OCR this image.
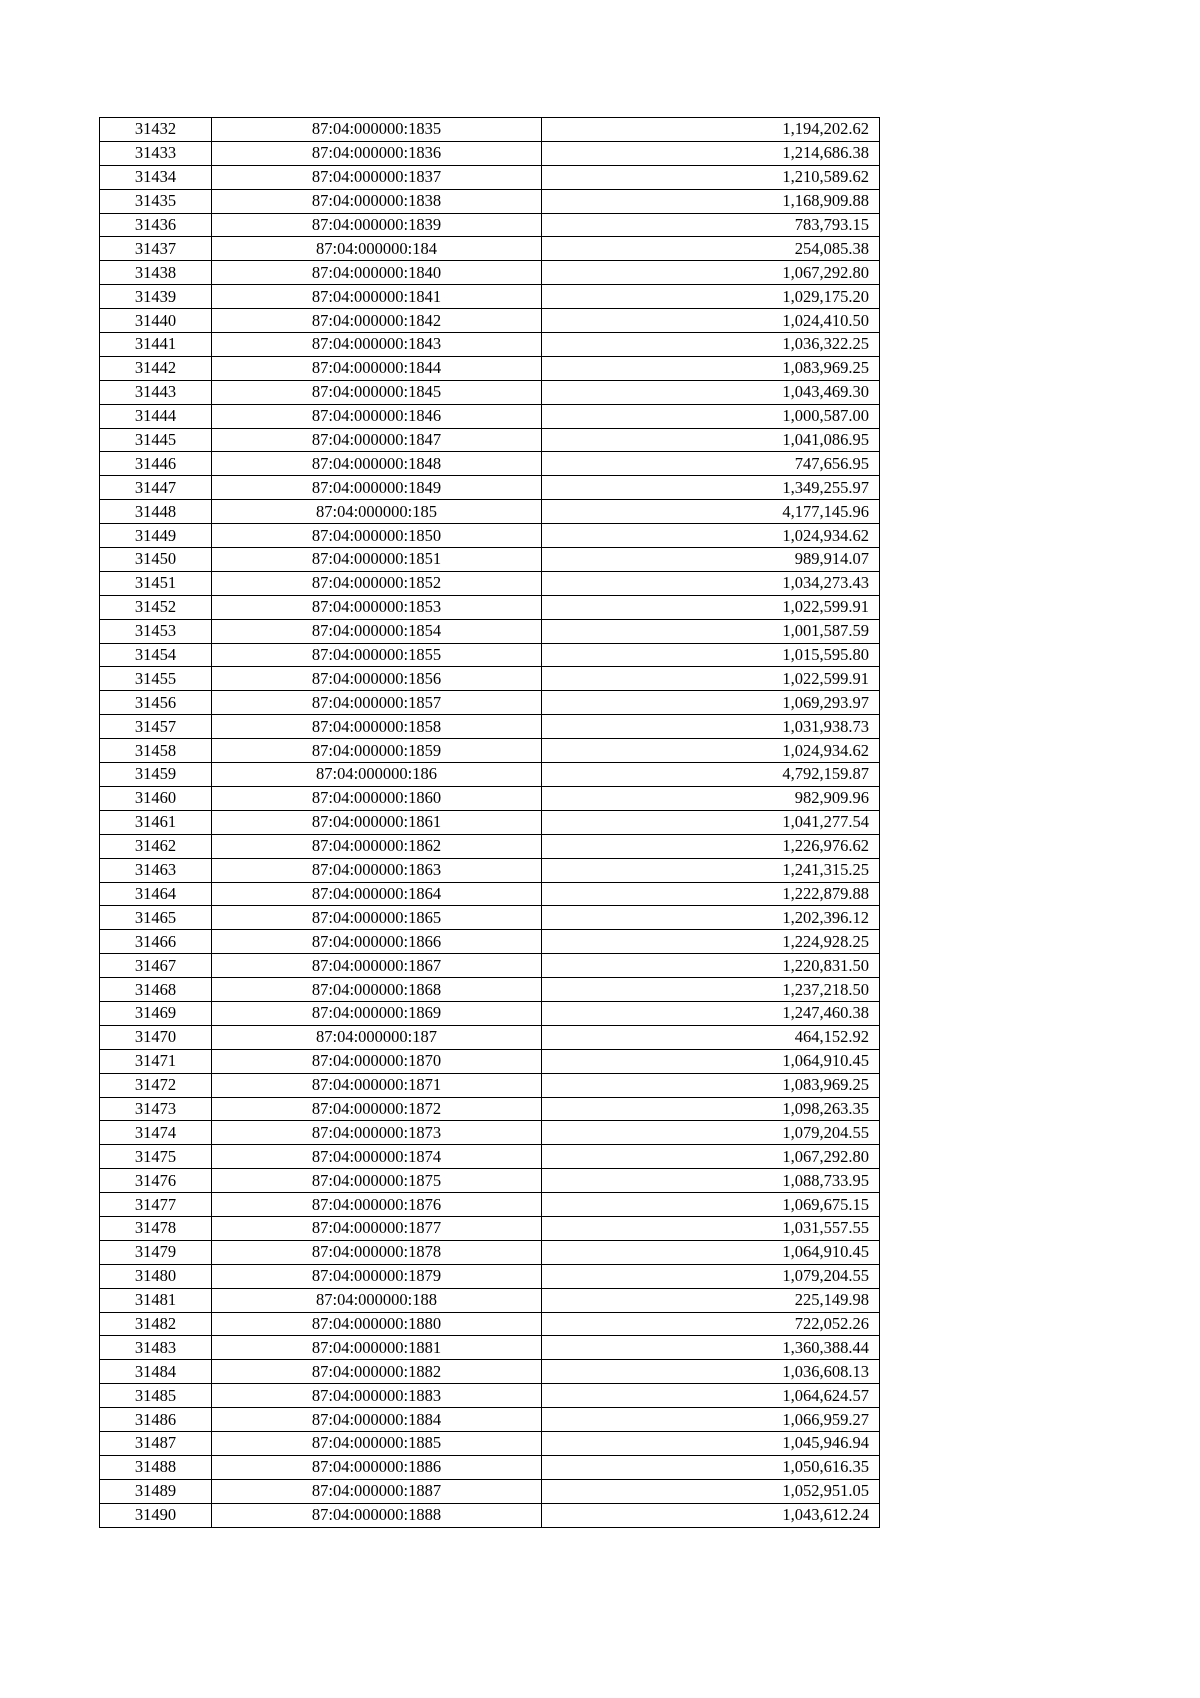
31432	87:04:000000:1835	1,194,202.62
31433	87:04:000000:1836	1,214,686.38
31434	87:04:000000:1837	1,210,589.62
31435	87:04:000000:1838	1,168,909.88
31436	87:04:000000:1839	783,793.15
31437	87:04:000000:184	254,085.38
31438	87:04:000000:1840	1,067,292.80
31439	87:04:000000:1841	1,029,175.20
31440	87:04:000000:1842	1,024,410.50
31441	87:04:000000:1843	1,036,322.25
31442	87:04:000000:1844	1,083,969.25
31443	87:04:000000:1845	1,043,469.30
31444	87:04:000000:1846	1,000,587.00
31445	87:04:000000:1847	1,041,086.95
31446	87:04:000000:1848	747,656.95
31447	87:04:000000:1849	1,349,255.97
31448	87:04:000000:185	4,177,145.96
31449	87:04:000000:1850	1,024,934.62
31450	87:04:000000:1851	989,914.07
31451	87:04:000000:1852	1,034,273.43
31452	87:04:000000:1853	1,022,599.91
31453	87:04:000000:1854	1,001,587.59
31454	87:04:000000:1855	1,015,595.80
31455	87:04:000000:1856	1,022,599.91
31456	87:04:000000:1857	1,069,293.97
31457	87:04:000000:1858	1,031,938.73
31458	87:04:000000:1859	1,024,934.62
31459	87:04:000000:186	4,792,159.87
31460	87:04:000000:1860	982,909.96
31461	87:04:000000:1861	1,041,277.54
31462	87:04:000000:1862	1,226,976.62
31463	87:04:000000:1863	1,241,315.25
31464	87:04:000000:1864	1,222,879.88
31465	87:04:000000:1865	1,202,396.12
31466	87:04:000000:1866	1,224,928.25
31467	87:04:000000:1867	1,220,831.50
31468	87:04:000000:1868	1,237,218.50
31469	87:04:000000:1869	1,247,460.38
31470	87:04:000000:187	464,152.92
31471	87:04:000000:1870	1,064,910.45
31472	87:04:000000:1871	1,083,969.25
31473	87:04:000000:1872	1,098,263.35
31474	87:04:000000:1873	1,079,204.55
31475	87:04:000000:1874	1,067,292.80
31476	87:04:000000:1875	1,088,733.95
31477	87:04:000000:1876	1,069,675.15
31478	87:04:000000:1877	1,031,557.55
31479	87:04:000000:1878	1,064,910.45
31480	87:04:000000:1879	1,079,204.55
31481	87:04:000000:188	225,149.98
31482	87:04:000000:1880	722,052.26
31483	87:04:000000:1881	1,360,388.44
31484	87:04:000000:1882	1,036,608.13
31485	87:04:000000:1883	1,064,624.57
31486	87:04:000000:1884	1,066,959.27
31487	87:04:000000:1885	1,045,946.94
31488	87:04:000000:1886	1,050,616.35
31489	87:04:000000:1887	1,052,951.05
31490	87:04:000000:1888	1,043,612.24
